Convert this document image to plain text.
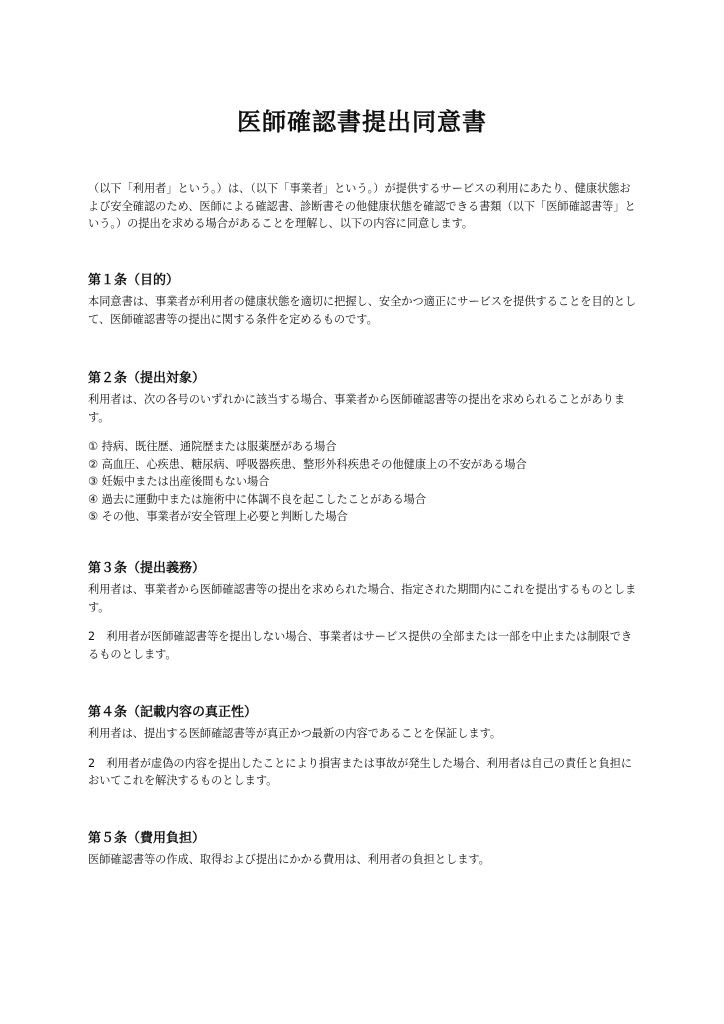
医師確認書提出同意書

（以下「利用者」という。）は、（以下「事業者」という。）が提供するサービスの利用にあたり、健康状態および安全確認のため、医師による確認書、診断書その他健康状態を確認できる書類（以下「医師確認書等」という。）の提出を求める場合があることを理解し、以下の内容に同意します。

第１条（目的）

本同意書は、事業者が利用者の健康状態を適切に把握し、安全かつ適正にサービスを提供することを目的として、医師確認書等の提出に関する条件を定めるものです。

第２条（提出対象）

利用者は、次の各号のいずれかに該当する場合、事業者から医師確認書等の提出を求められることがあります。

① 持病、既往歴、通院歴または服薬歴がある場合
② 高血圧、心疾患、糖尿病、呼吸器疾患、整形外科疾患その他健康上の不安がある場合
③ 妊娠中または出産後間もない場合
④ 過去に運動中または施術中に体調不良を起こしたことがある場合
⑤ その他、事業者が安全管理上必要と判断した場合
第３条（提出義務）

利用者は、事業者から医師確認書等の提出を求められた場合、指定された期間内にこれを提出するものとします。

2　利用者が医師確認書等を提出しない場合、事業者はサービス提供の全部または一部を中止または制限できるものとします。

第４条（記載内容の真正性）

利用者は、提出する医師確認書等が真正かつ最新の内容であることを保証します。

2　利用者が虚偽の内容を提出したことにより損害または事故が発生した場合、利用者は自己の責任と負担においてこれを解決するものとします。

第５条（費用負担）

医師確認書等の作成、取得および提出にかかる費用は、利用者の負担とします。
